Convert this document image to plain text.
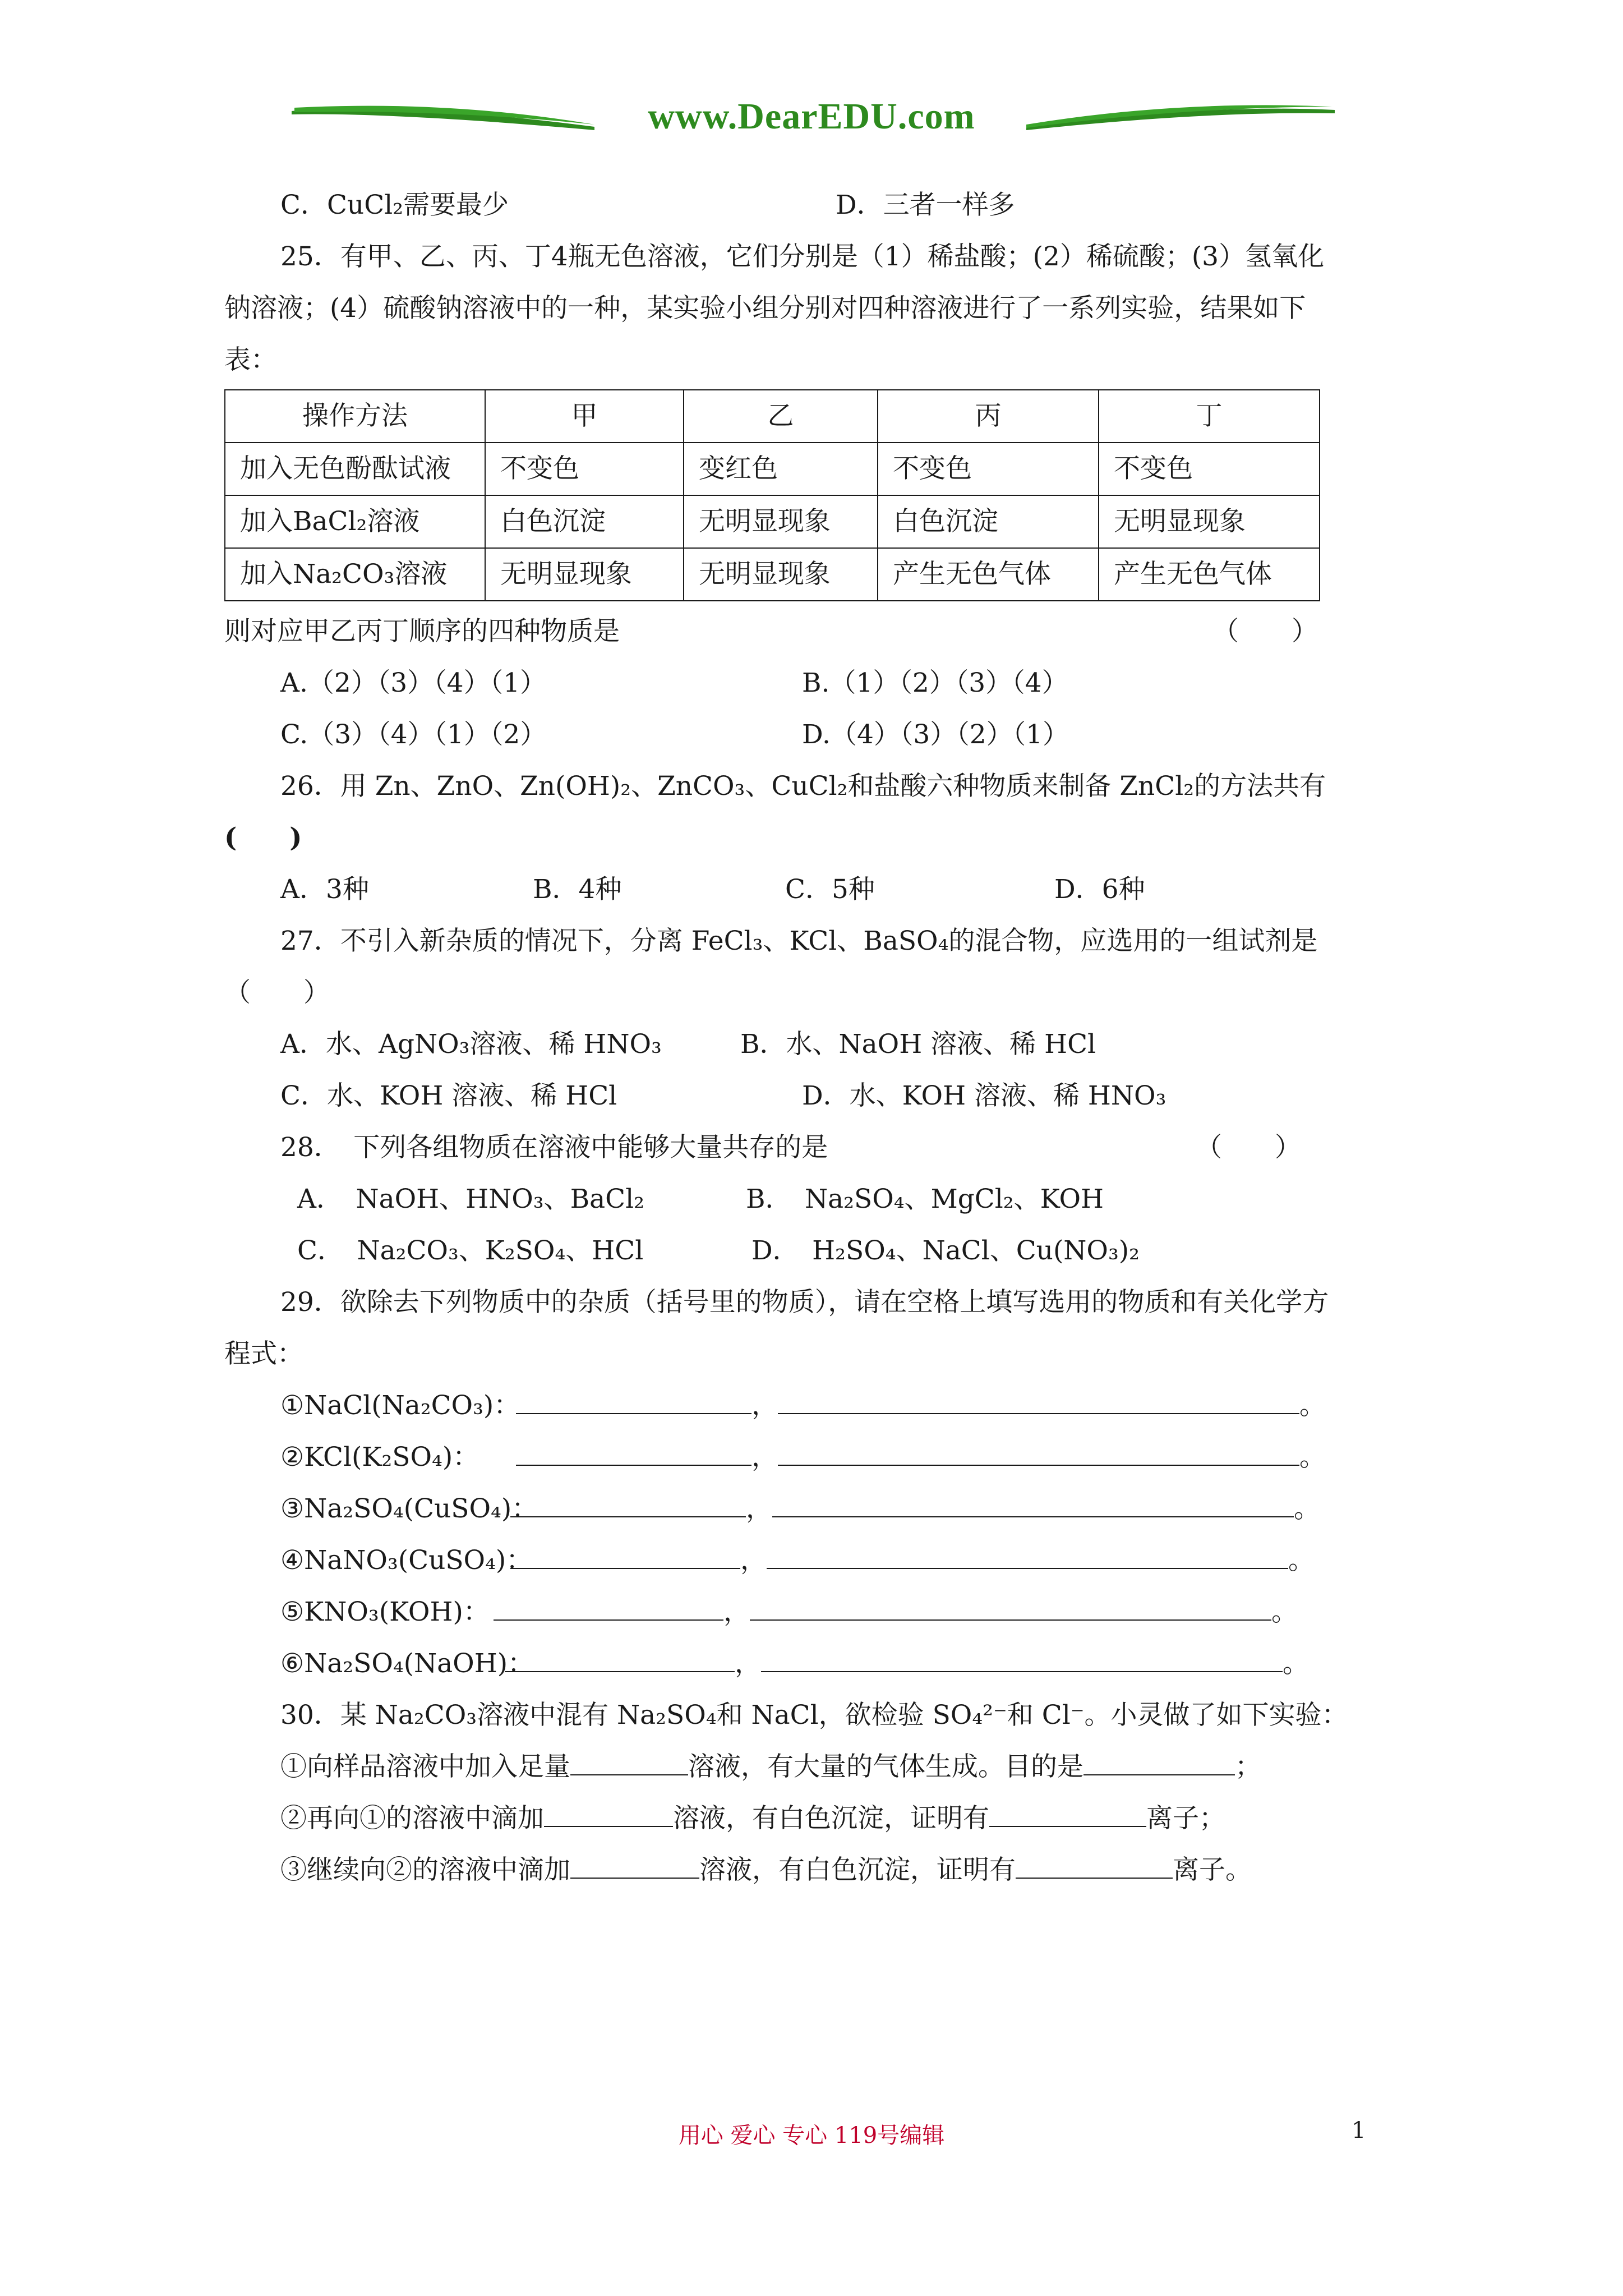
www.DearEDU.com
C．CuCl₂需要最少	D．三者一样多
25．有甲、乙、丙、丁4瓶无色溶液，它们分别是（1）稀盐酸；(2）稀硫酸；(3）氢氧化
钠溶液；(4）硫酸钠溶液中的一种，某实验小组分别对四种溶液进行了一系列实验，结果如下
表：
操作方法	甲	乙	丙	丁
加入无色酚酞试液	不变色	变红色	不变色	不变色
加入BaCl₂溶液	白色沉淀	无明显现象	白色沉淀	无明显现象
加入Na₂CO₃溶液	无明显现象	无明显现象	产生无色气体	产生无色气体
则对应甲乙丙丁顺序的四种物质是	（　　）
A.（2）（3）（4）（1）	B.（1）（2）（3）（4）
C.（3）（4）（1）（2）	D.（4）（3）（2）（1）
26．用 Zn、ZnO、Zn(OH)₂、ZnCO₃、CuCl₂和盐酸六种物质来制备 ZnCl₂的方法共有
(　　)
A．3种	B．4种	C．5种	D．6种
27．不引入新杂质的情况下，分离 FeCl₃、KCl、BaSO₄的混合物，应选用的一组试剂是
（　　）
A．水、AgNO₃溶液、稀 HNO₃	B．水、NaOH 溶液、稀 HCl
C．水、KOH 溶液、稀 HCl	D．水、KOH 溶液、稀 HNO₃
28．　下列各组物质在溶液中能够大量共存的是	（　　）
A．　NaOH、HNO₃、BaCl₂	B．　Na₂SO₄、MgCl₂、KOH
C．　Na₂CO₃、K₂SO₄、HCl	D．　H₂SO₄、NaCl、Cu(NO₃)₂
29．欲除去下列物质中的杂质（括号里的物质），请在空格上填写选用的物质和有关化学方
程式：
①NaCl(Na₂CO₃)：	，	。
②KCl(K₂SO₄)：	，	。
③Na₂SO₄(CuSO₄)：	，	。
④NaNO₃(CuSO₄)：	，	。
⑤KNO₃(KOH)：	，	。
⑥Na₂SO₄(NaOH)：	，	。
30．某 Na₂CO₃溶液中混有 Na₂SO₄和 NaCl，欲检验 SO₄²⁻和 Cl⁻。小灵做了如下实验：
①向样品溶液中加入足量	溶液，有大量的气体生成。目的是	；
②再向①的溶液中滴加	溶液，有白色沉淀，证明有	离子；
③继续向②的溶液中滴加	溶液，有白色沉淀，证明有	离子。
用心 爱心 专心 119号编辑	1
